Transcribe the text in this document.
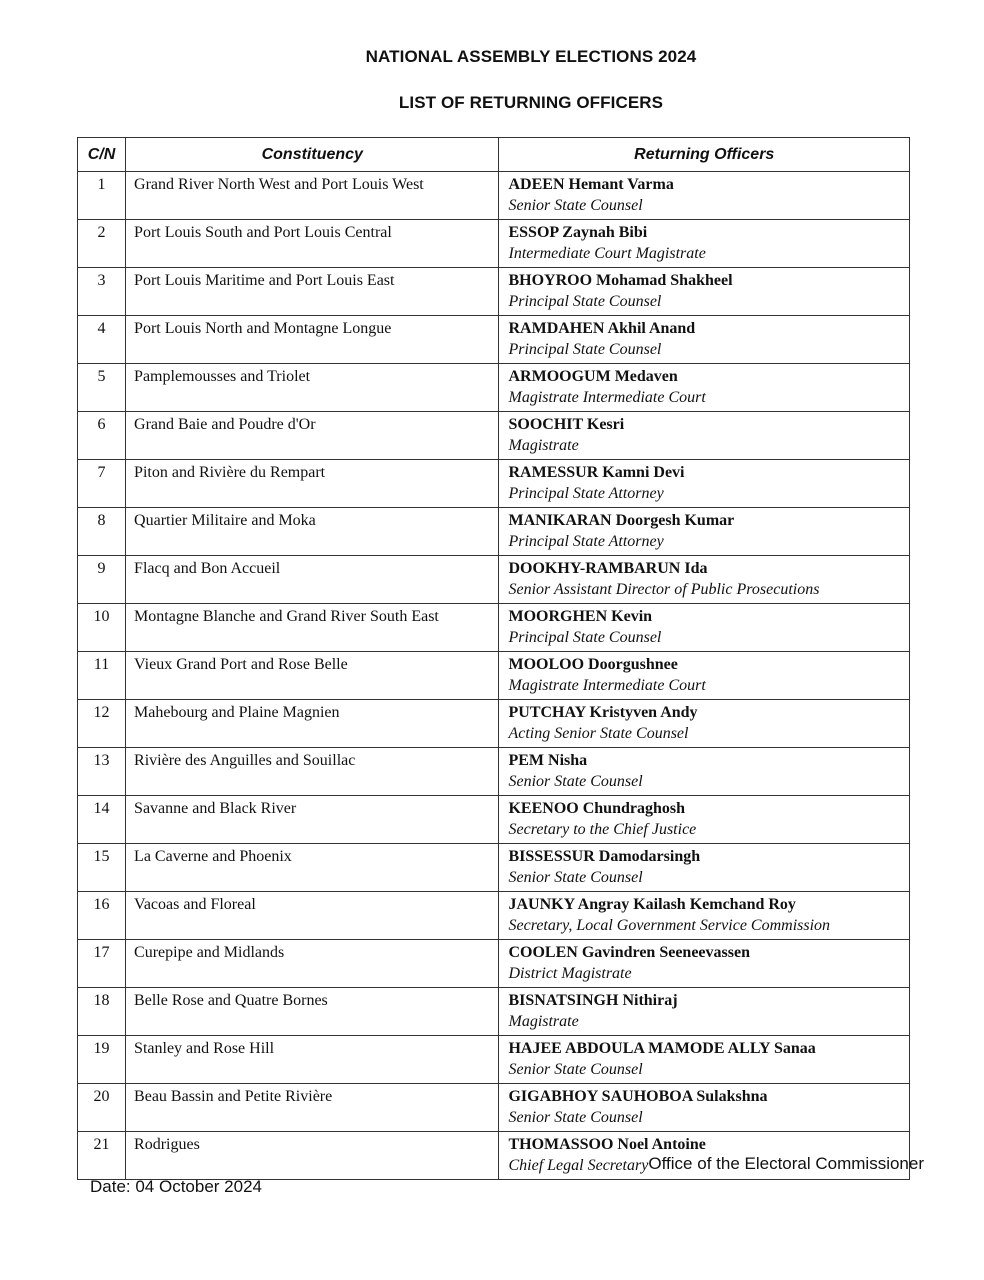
NATIONAL ASSEMBLY ELECTIONS 2024
LIST OF RETURNING OFFICERS
C/N	Constituency	Returning Officers
1	Grand River North West and Port Louis West	ADEEN Hemant Varma
Senior State Counsel

2	Port Louis South and Port Louis Central	ESSOP Zaynah Bibi
Intermediate Court Magistrate

3	Port Louis Maritime and Port Louis East	BHOYROO Mohamad Shakheel
Principal State Counsel

4	Port Louis North and Montagne Longue	RAMDAHEN Akhil Anand
Principal State Counsel

5	Pamplemousses and Triolet	ARMOOGUM Medaven
Magistrate Intermediate Court

6	Grand Baie and Poudre d'Or	SOOCHIT Kesri
Magistrate

7	Piton and Rivière du Rempart	RAMESSUR Kamni Devi
Principal State Attorney

8	Quartier Militaire and Moka	MANIKARAN Doorgesh Kumar
Principal State Attorney

9	Flacq and Bon Accueil	DOOKHY-RAMBARUN Ida
Senior Assistant Director of Public Prosecutions

10	Montagne Blanche and Grand River South East	MOORGHEN Kevin
Principal State Counsel

11	Vieux Grand Port and Rose Belle	MOOLOO Doorgushnee
Magistrate Intermediate Court

12	Mahebourg and Plaine Magnien	PUTCHAY Kristyven Andy
Acting Senior State Counsel

13	Rivière des Anguilles and Souillac	PEM Nisha
Senior State Counsel

14	Savanne and Black River	KEENOO Chundraghosh
Secretary to the Chief Justice

15	La Caverne and Phoenix	BISSESSUR Damodarsingh
Senior State Counsel

16	Vacoas and Floreal	JAUNKY Angray Kailash Kemchand Roy
Secretary, Local Government Service Commission

17	Curepipe and Midlands	COOLEN Gavindren Seeneevassen
District Magistrate

18	Belle Rose and Quatre Bornes	BISNATSINGH Nithiraj
Magistrate

19	Stanley and Rose Hill	HAJEE ABDOULA MAMODE ALLY Sanaa
Senior State Counsel

20	Beau Bassin and Petite Rivière	GIGABHOY SAUHOBOA Sulakshna
Senior State Counsel

21	Rodrigues	THOMASSOO Noel Antoine
Chief Legal Secretary Office of the Electoral Commissioner
Date: 04 October 2024
